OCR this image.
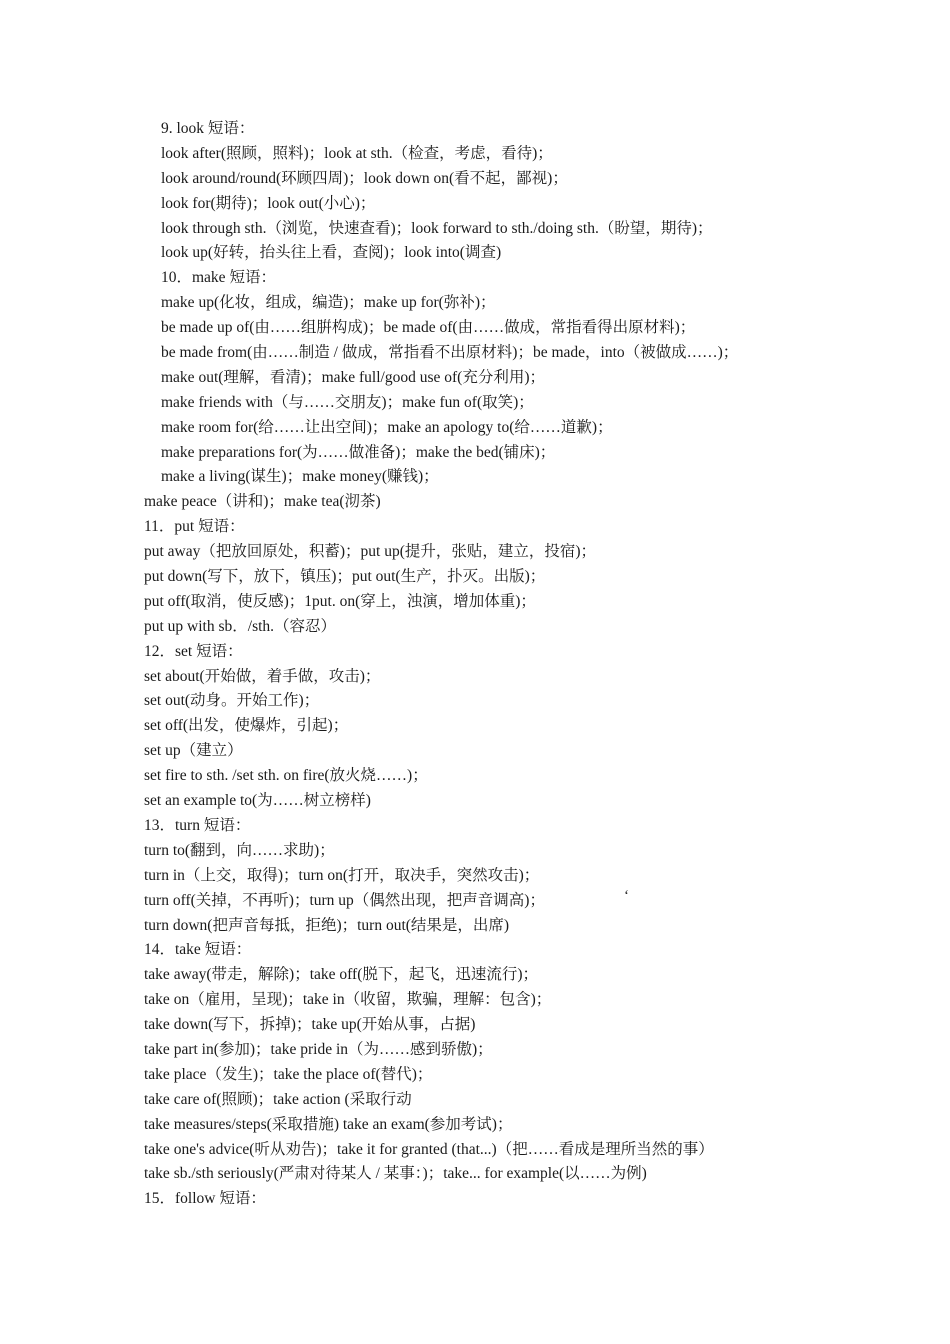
9. look 短语：
look after(照顾，照料)；look at sth.（检查，考虑，看待)；
look around/round(环顾四周)；look down on(看不起，鄙视)；
look for(期待)；look out(小心)；
look through sth.（浏览，快速查看)；look forward to sth./doing sth.（盼望，期待)；
look up(好转，抬头往上看，查阅)；look into(调查)
10．make 短语：
make up(化妆，组成，编造)；make up for(弥补)；
be made up of(由……组腁构成)；be made of(由……做成，常指看得出原材料)；
be made from(由……制造 / 做成，常指看不出原材料)；be made，into（被做成……)；
make out(理解，看清)；make full/good use of(充分利用)；
make friends with（与……交朋友)；make fun of(取笑)；
make room for(给……让出空间)；make an apology to(给……道歉)；
make preparations for(为……做准备)；make the bed(铺床)；
make a living(谋生)；make money(赚钱)；
make peace（讲和)；make tea(沏茶)
11．put 短语：
put away（把放回原处，积蓄)；put up(提升，张贴，建立，投宿)；
put down(写下，放下，镇压)；put out(生产，扑灭。出版)；
put off(取消，使反感)；1put. on(穿上，浊演，增加体重)；
put up with sb．/sth.（容忍）
12．set 短语：
set about(开始做，着手做，攻击)；
set out(动身。开始工作)；
set off(出发，使爆炸，引起)；
set up（建立）
set fire to sth. /set sth. on fire(放火烧……)；
set an example to(为……树立榜样)
13．turn 短语：
turn to(翻到，向……求助)；
turn in（上交，取得)；turn on(打开，取决手，突然攻击)；
turn off(关掉，不再听)；turn up（偶然出现，把声音调高)；
turn down(把声音每抵，拒绝)；turn out(结果是，出席)
14．take 短语：
take away(带走，解除)；take off(脱下，起飞，迅速流行)；
take on（雇用，呈现)；take in（收留，欺骗，理解：包含)；
take down(写下，拆掉)；take up(开始从事，占据)
take part in(参加)；take pride in（为……感到骄傲)；
take place（发生)；take the place of(替代)；
take care of(照顾)；take action (采取行动
take measures/steps(采取措施) take an exam(参加考试)；
take one's advice(听从劝告)；take it for granted (that...)（把……看成是理所当然的事）
take sb./sth seriously(严肃对待某人 / 某事：)；take... for example(以……为例)
15．follow 短语：
‘
